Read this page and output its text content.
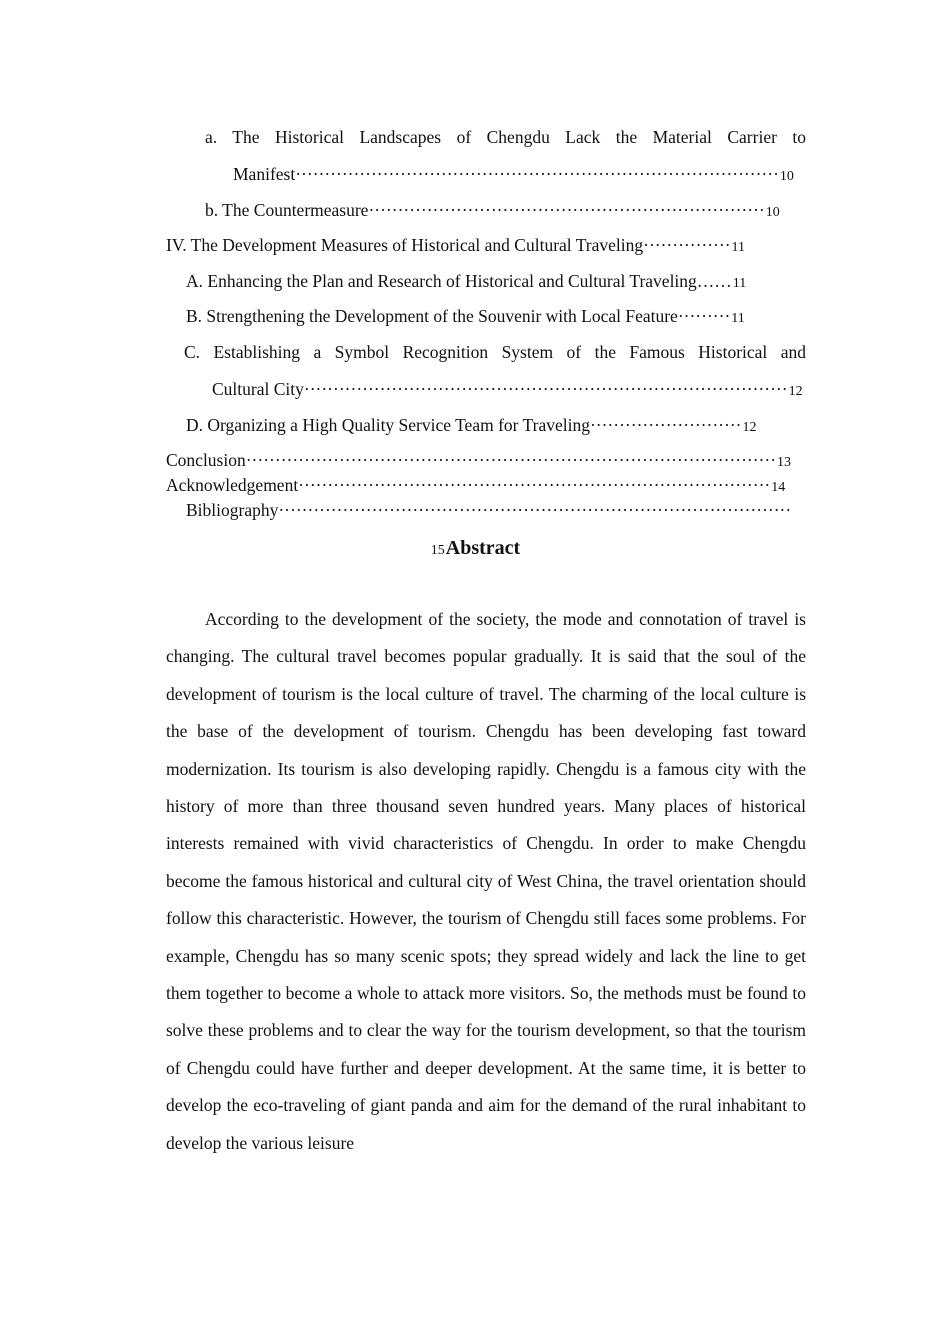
a. The Historical Landscapes of Chengdu Lack the Material Carrier to
Manifest···················································································10
b. The Countermeasure····································································10
IV. The Development Measures of Historical and Cultural Traveling···············11
A. Enhancing the Plan and Research of Historical and Cultural Traveling……11
B. Strengthening the Development of the Souvenir with Local Feature·········11
C. Establishing a Symbol Recognition System of the Famous Historical and
Cultural City···················································································12
D. Organizing a High Quality Service Team for Traveling··························12
Conclusion···························································································13
Acknowledgement·················································································14
Bibliography························································································
15Abstract

According to the development of the society, the mode and connotation of travel is changing. The cultural travel becomes popular gradually. It is said that the soul of the development of tourism is the local culture of travel. The charming of the local culture is the base of the development of tourism. Chengdu has been developing fast toward modernization. Its tourism is also developing rapidly. Chengdu is a famous city with the history of more than three thousand seven hundred years. Many places of historical interests remained with vivid characteristics of Chengdu. In order to make Chengdu become the famous historical and cultural city of West China, the travel orientation should follow this characteristic. However, the tourism of Chengdu still faces some problems. For example, Chengdu has so many scenic spots; they spread widely and lack the line to get them together to become a whole to attack more visitors. So, the methods must be found to solve these problems and to clear the way for the tourism development, so that the tourism of Chengdu could have further and deeper development. At the same time, it is better to develop the eco-traveling of giant panda and aim for the demand of the rural inhabitant to develop the various leisure
